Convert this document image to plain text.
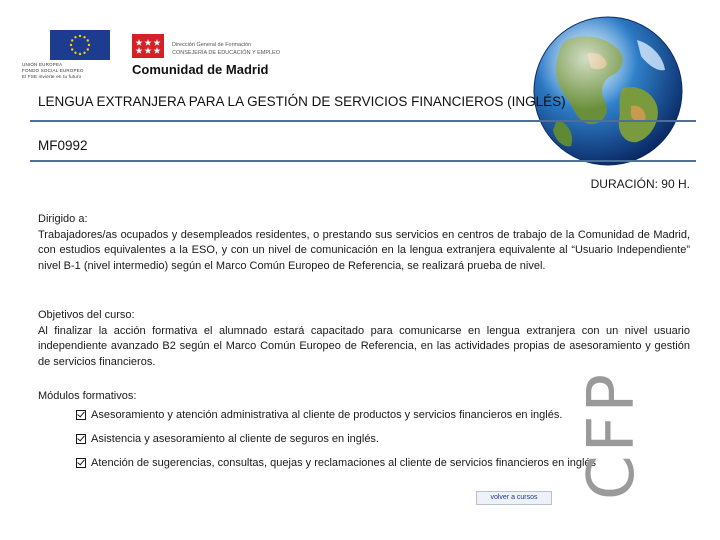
UNIÓN EUROPEA
FONDO SOCIAL EUROPEO
El FSE invierte en tu futuro
Dirección General de Formación
CONSEJERÍA DE EDUCACIÓN Y EMPLEO
Comunidad de Madrid
LENGUA EXTRANJERA PARA LA GESTIÓN DE SERVICIOS FINANCIEROS (INGLÉS)
MF0992
DURACIÓN: 90 H.
Dirigido a:
Trabajadores/as ocupados y desempleados residentes, o prestando sus servicios en centros de trabajo de la Comunidad de Madrid, con estudios equivalentes a la ESO, y con un nivel de comunicación en la lengua extranjera equivalente al “Usuario Independiente” nivel B-1 (nivel intermedio) según el Marco Común Europeo de Referencia, se realizará prueba de nivel.
Objetivos del curso:
Al finalizar la acción formativa el alumnado estará capacitado para comunicarse en lengua extranjera con un nivel usuario independiente avanzado B2 según el Marco Común Europeo de Referencia, en las actividades propias de asesoramiento y gestión de servicios financieros.
Módulos formativos:
Asesoramiento y atención administrativa al cliente de productos y servicios financieros en inglés.
Asistencia y asesoramiento al cliente de seguros en inglés.
Atención de sugerencias, consultas, quejas y reclamaciones al cliente de servicios financieros en inglés
CFP
volver a cursos
